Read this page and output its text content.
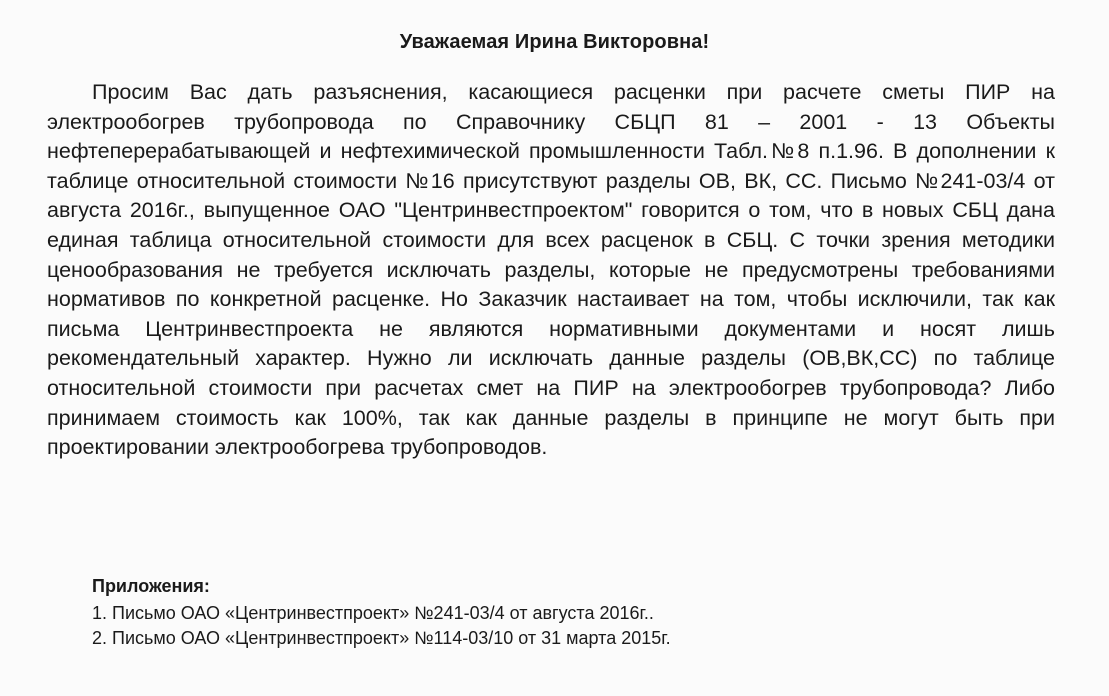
Уважаемая Ирина Викторовна!

Просим Вас дать разъяснения, касающиеся расценки при расчете сметы ПИР на электрообогрев трубопровода по Справочнику СБЦП 81 – 2001 - 13 Объекты нефтеперерабатывающей и нефтехимической промышленности Табл.№8 п.1.96. В дополнении к таблице относительной стоимости №16 присутствуют разделы ОВ, ВК, СС. Письмо №241-03/4 от августа 2016г., выпущенное ОАО "Центринвестпроектом" говорится о том, что в новых СБЦ дана единая таблица относительной стоимости для всех расценок в СБЦ. С точки зрения методики ценообразования не требуется исключать разделы, которые не предусмотрены требованиями нормативов по конкретной расценке. Но Заказчик настаивает на том, чтобы исключили, так как письма Центринвестпроекта не являются нормативными документами и носят лишь рекомендательный характер. Нужно ли исключать данные разделы (ОВ,ВК,СС) по таблице относительной стоимости при расчетах смет на ПИР на электрообогрев трубопровода? Либо принимаем стоимость как 100%, так как данные разделы в принципе не могут быть при проектировании электрообогрева трубопроводов.

Приложения:
1. Письмо ОАО «Центринвестпроект» №241-03/4 от августа 2016г..
2. Письмо ОАО «Центринвестпроект» №114-03/10 от 31 марта 2015г.
